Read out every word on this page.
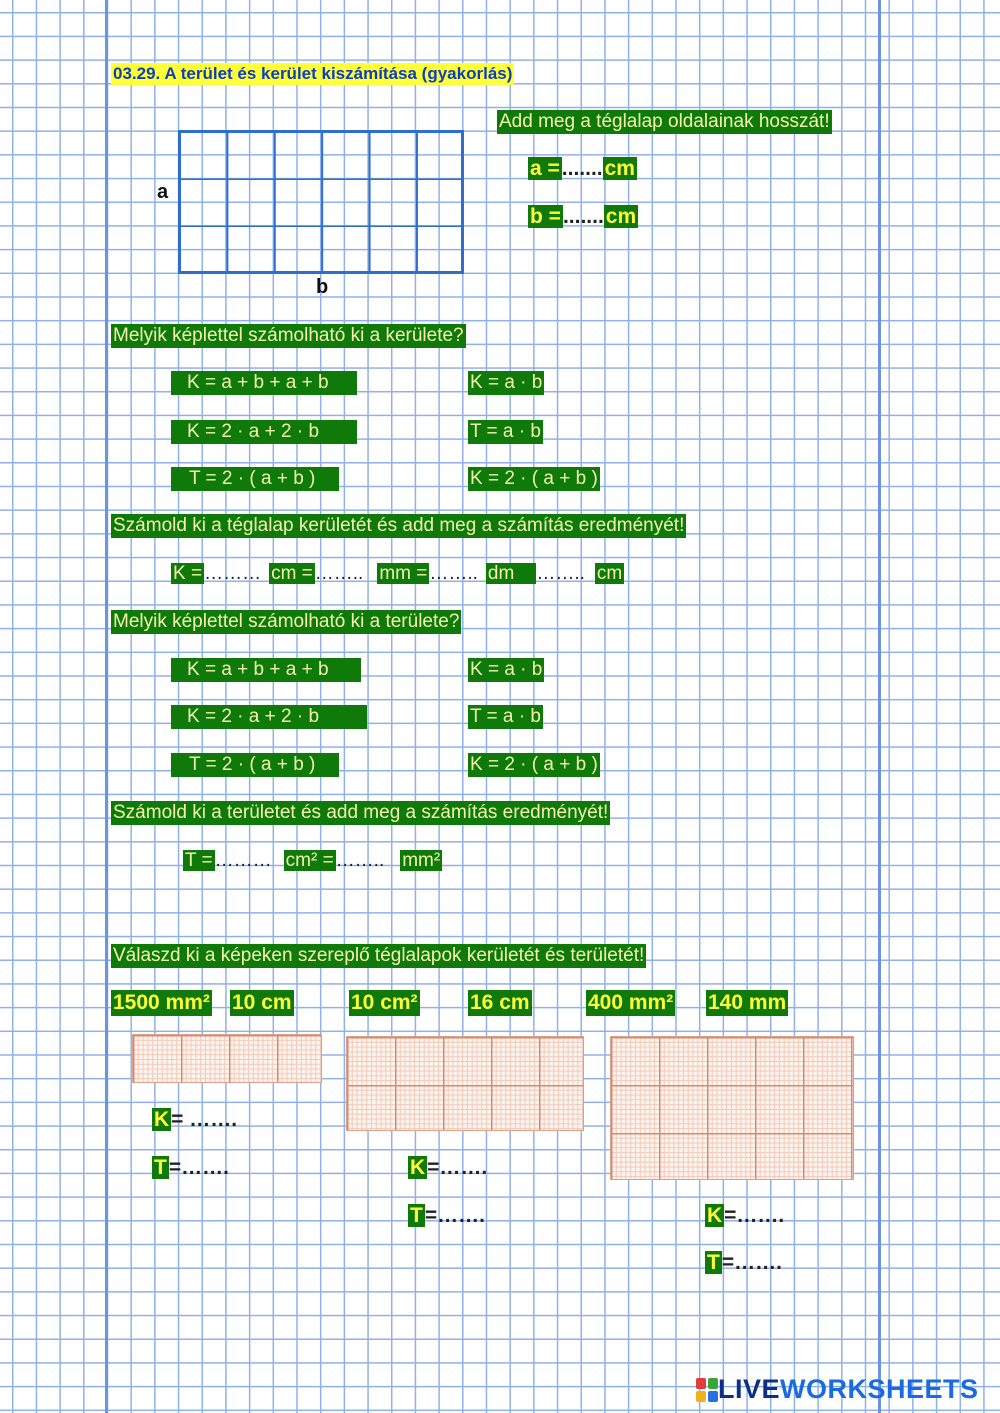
03.29. A terület és kerület kiszámítása (gyakorlás)
a
b
Add meg a téglalap oldalainak hosszát!
a =.......cm
b =.......cm
Melyik képlettel számolható ki a kerülete?
K = a + b + a + b	K = a · b
K = 2 · a + 2 · b	T = a · b
T = 2 · ( a + b )	K = 2 · ( a + b )
Számold ki a téglalap kerületét és add meg a számítás eredményét!
K = ……… cm = …….. mm = …….. dm …….. cm
Melyik képlettel számolható ki a területe?
K = a + b + a + b	K = a · b
K = 2 · a + 2 · b	T = a · b
T = 2 · ( a + b )	K = 2 · ( a + b )
Számold ki a területet és add meg a számítás eredményét!
T = ……… cm² = …….. mm²
Válaszd ki a képeken szereplő téglalapok kerületét és területét!
1500 mm² 10 cm	10 cm² 16 cm	400 mm² 140 mm
K= …….
T=…….	K=…….
T=…….	K=…….
T=…….
LIVEWORKSHEETS
